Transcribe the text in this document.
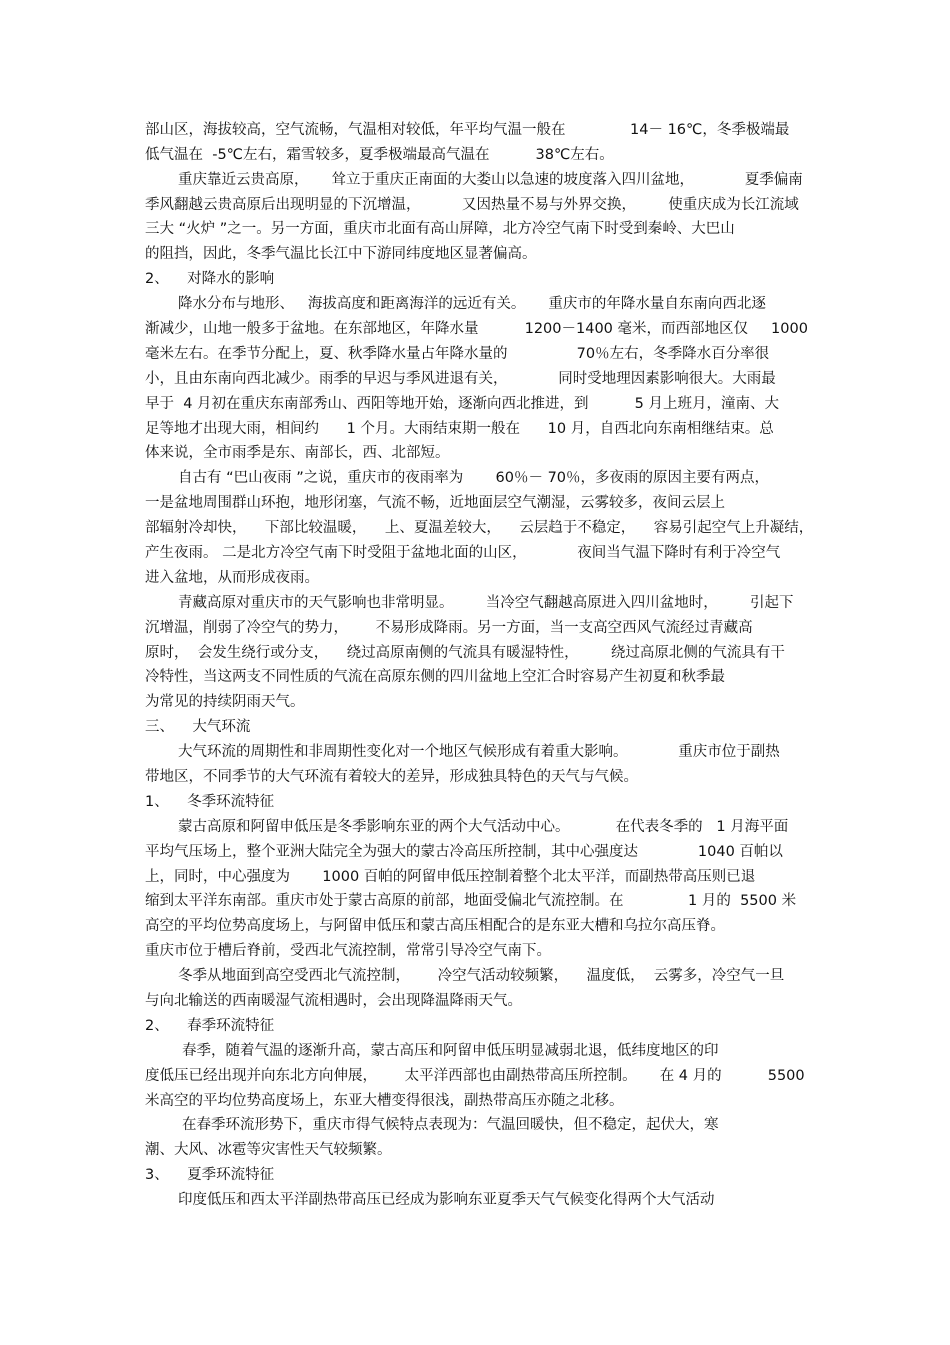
部山区，海拔较高，空气流畅，气温相对较低，年平均气温一般在              14－ 16℃，冬季极端最
低气温在  -5℃左右，霜雪较多，夏季极端最高气温在          38℃左右。
重庆靠近云贵高原，     耸立于重庆正南面的大娄山以急速的坡度落入四川盆地，           夏季偏南
季风翻越云贵高原后出现明显的下沉增温，         又因热量不易与外界交换，       使重庆成为长江流域
三大 “火炉 ”之一。另一方面，重庆市北面有高山屏障，北方冷空气南下时受到秦岭、大巴山
的阻挡，因此，冬季气温比长江中下游同纬度地区显著偏高。
2、    对降水的影响
降水分布与地形、   海拔高度和距离海洋的远近有关。     重庆市的年降水量自东南向西北逐
渐减少，山地一般多于盆地。在东部地区，年降水量          1200－1400 毫米，而西部地区仅     1000
毫米左右。在季节分配上，夏、秋季降水量占年降水量的               70％左右，冬季降水百分率很
小，且由东南向西北减少。雨季的早迟与季风进退有关，           同时受地理因素影响很大。大雨最
早于  4 月初在重庆东南部秀山、西阳等地开始，逐渐向西北推进，到          5 月上班月，潼南、大
足等地才出现大雨，相间约      1 个月。大雨结束期一般在      10 月，自西北向东南相继结束。总
体来说，全市雨季是东、南部长，西、北部短。
自古有 “巴山夜雨 ”之说，重庆市的夜雨率为       60％－ 70％，多夜雨的原因主要有两点，
一是盆地周围群山环抱，地形闭塞，气流不畅，近地面层空气潮湿，云雾较多，夜间云层上
部辐射冷却快，    下部比较温暖，    上、夏温差较大，    云层趋于不稳定，    容易引起空气上升凝结，
产生夜雨。 二是北方冷空气南下时受阻于盆地北面的山区，           夜间当气温下降时有利于冷空气
进入盆地，从而形成夜雨。
青藏高原对重庆市的天气影响也非常明显。       当冷空气翻越高原进入四川盆地时，       引起下
沉增温，削弱了冷空气的势力，      不易形成降雨。另一方面，当一支高空西风气流经过青藏高
原时，  会发生绕行或分支，    绕过高原南侧的气流具有暖湿特性，       绕过高原北侧的气流具有干
冷特性，当这两支不同性质的气流在高原东侧的四川盆地上空汇合时容易产生初夏和秋季最
为常见的持续阴雨天气。
三、    大气环流
大气环流的周期性和非周期性变化对一个地区气候形成有着重大影响。           重庆市位于副热
带地区，不同季节的大气环流有着较大的差异，形成独具特色的天气与气候。
1、    冬季环流特征
蒙古高原和阿留申低压是冬季影响东亚的两个大气活动中心。          在代表冬季的   1 月海平面
平均气压场上，整个亚洲大陆完全为强大的蒙古冷高压所控制，其中心强度达             1040 百帕以
上，同时，中心强度为       1000 百帕的阿留申低压控制着整个北太平洋，而副热带高压则已退
缩到太平洋东南部。重庆市处于蒙古高原的前部，地面受偏北气流控制。在              1 月的  5500 米
高空的平均位势高度场上，与阿留申低压和蒙古高压相配合的是东亚大槽和乌拉尔高压脊。
重庆市位于槽后脊前，受西北气流控制，常常引导冷空气南下。
冬季从地面到高空受西北气流控制，      冷空气活动较频繁，    温度低，  云雾多，冷空气一旦
与向北输送的西南暖湿气流相遇时，会出现降温降雨天气。
2、    春季环流特征
春季，随着气温的逐渐升高，蒙古高压和阿留申低压明显减弱北退，低纬度地区的印
度低压已经出现并向东北方向伸展，      太平洋西部也由副热带高压所控制。     在 4 月的          5500
米高空的平均位势高度场上，东亚大槽变得很浅，副热带高压亦随之北移。
在春季环流形势下，重庆市得气候特点表现为：气温回暖快，但不稳定，起伏大，寒
潮、大风、冰雹等灾害性天气较频繁。
3、    夏季环流特征
印度低压和西太平洋副热带高压已经成为影响东亚夏季天气气候变化得两个大气活动
